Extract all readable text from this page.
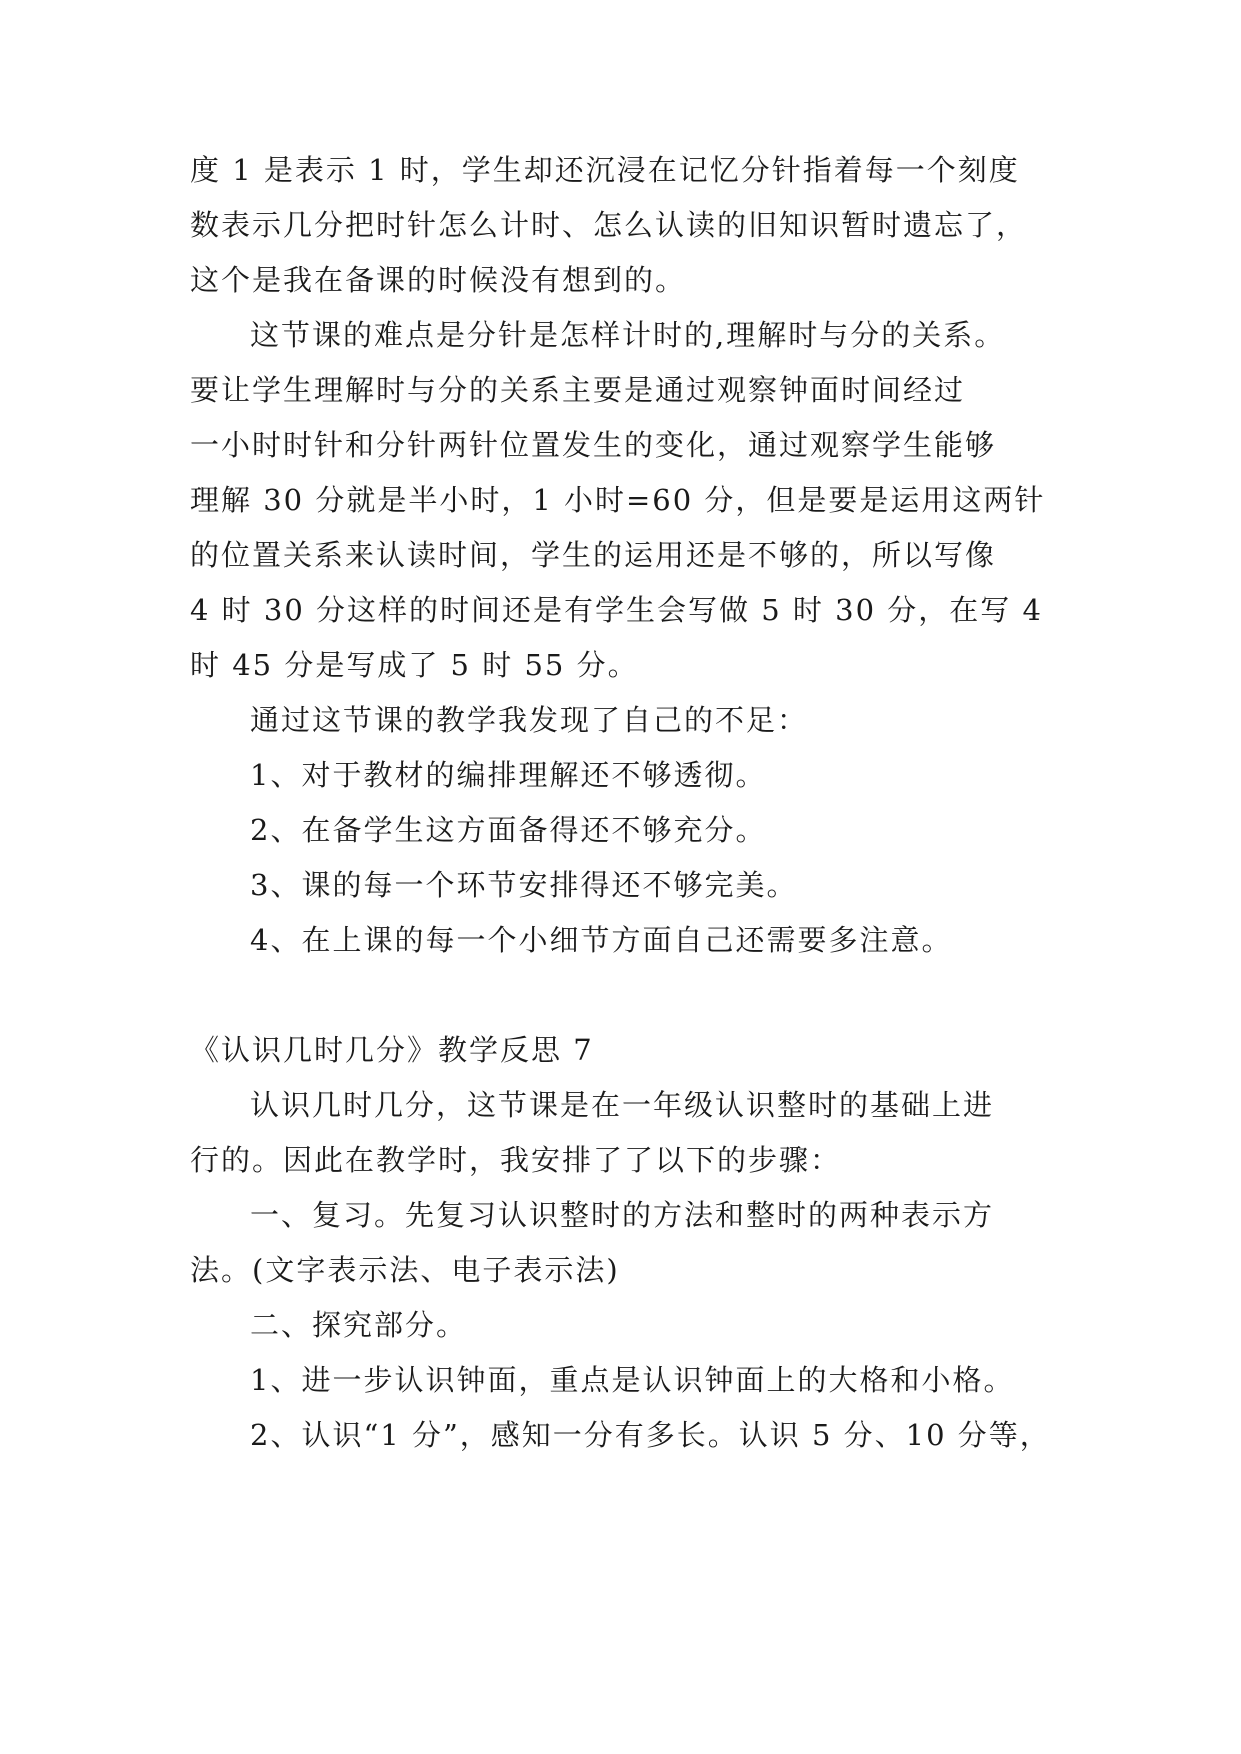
度 1 是表示 1 时，学生却还沉浸在记忆分针指着每一个刻度
数表示几分把时针怎么计时、怎么认读的旧知识暂时遗忘了，
这个是我在备课的时候没有想到的。
这节课的难点是分针是怎样计时的,理解时与分的关系。
要让学生理解时与分的关系主要是通过观察钟面时间经过
一小时时针和分针两针位置发生的变化，通过观察学生能够
理解 30 分就是半小时，1 小时=60 分，但是要是运用这两针
的位置关系来认读时间，学生的运用还是不够的，所以写像
4 时 30 分这样的时间还是有学生会写做 5 时 30 分，在写 4
时 45 分是写成了 5 时 55 分。
通过这节课的教学我发现了自己的不足：
1、对于教材的编排理解还不够透彻。
2、在备学生这方面备得还不够充分。
3、课的每一个环节安排得还不够完美。
4、在上课的每一个小细节方面自己还需要多注意。
《认识几时几分》教学反思 7
认识几时几分，这节课是在一年级认识整时的基础上进
行的。因此在教学时，我安排了了以下的步骤：
一、复习。先复习认识整时的方法和整时的两种表示方
法。(文字表示法、电子表示法)
二、探究部分。
1、进一步认识钟面，重点是认识钟面上的大格和小格。
2、认识“1 分”，感知一分有多长。认识 5 分、10 分等，
